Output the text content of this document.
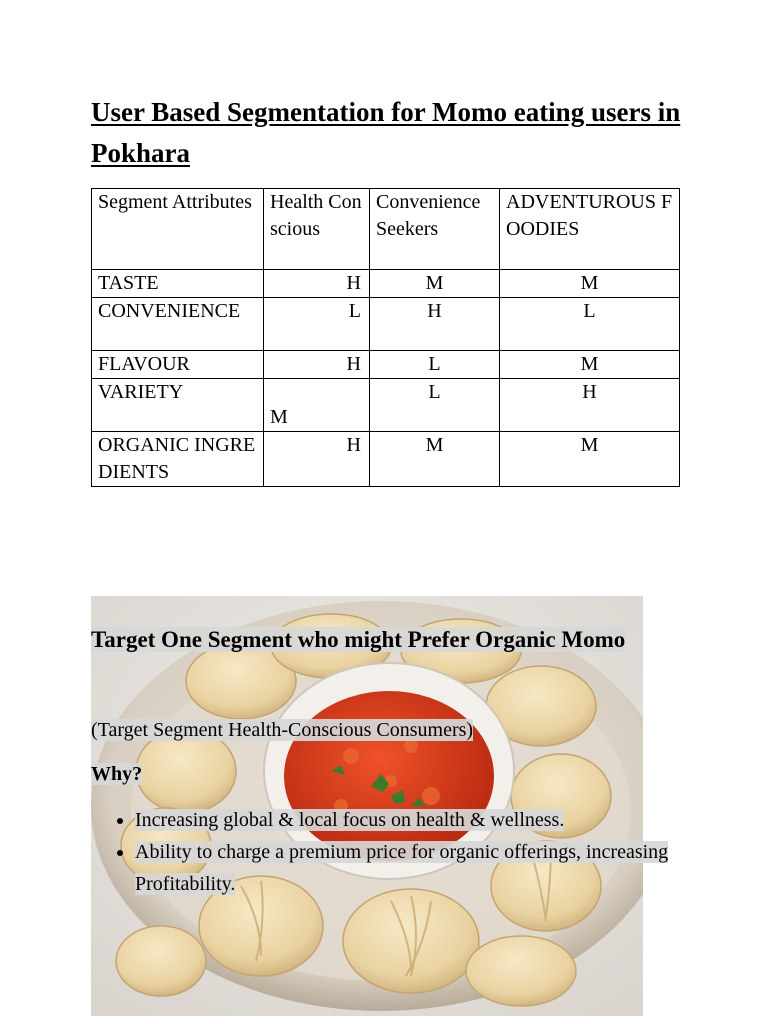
User Based Segmentation for Momo eating users in Pokhara
Segment Attributes	Health Conscious	Convenience Seekers	ADVENTUROUS FOODIES
TASTE	H	M	M
CONVENIENCE	L	H	L
FLAVOUR	H	L	M
VARIETY	M	L	H
ORGANIC INGREDIENTS	H	M	M

Target One Segment who might Prefer Organic Momo

(Target Segment Health-Conscious Consumers)

Why?

• Increasing global & local focus on health & wellness.
• Ability to charge a premium price for organic offerings, increasing Profitability.
